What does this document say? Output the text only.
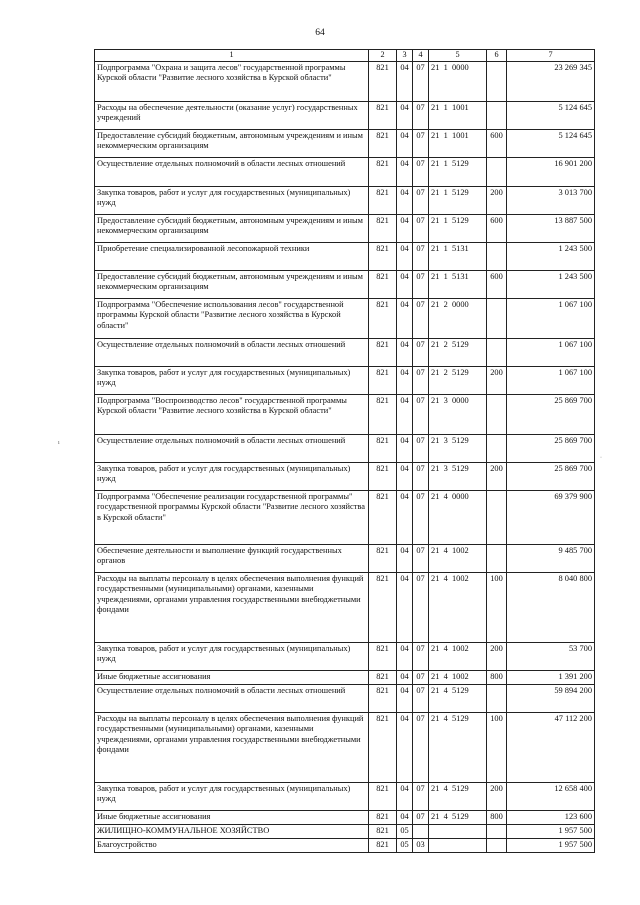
64
ı
·
1	2	3	4	5	6	7
Подпрограмма "Охрана и защита лесов" государственной программы Курской области "Развитие лесного хозяйства в Курской области"	821	04	07	21  1  0000		23 269 345
Расходы на обеспечение деятельности (оказание услуг) государственных учреждений	821	04	07	21  1  1001		5 124 645
Предоставление субсидий бюджетным, автономным учреждениям и иным некоммерческим организациям	821	04	07	21  1  1001	600	5 124 645
Осуществление отдельных полномочий в области лесных отношений	821	04	07	21  1  5129		16 901 200
Закупка товаров, работ и услуг для государственных (муниципальных) нужд	821	04	07	21  1  5129	200	3 013 700
Предоставление субсидий бюджетным, автономным учреждениям и иным некоммерческим организациям	821	04	07	21  1  5129	600	13 887 500
Приобретение специализированной лесопожарной техники	821	04	07	21  1  5131		1 243 500
Предоставление субсидий бюджетным, автономным учреждениям и иным некоммерческим организациям	821	04	07	21  1  5131	600	1 243 500
Подпрограмма "Обеспечение использования лесов" государственной программы Курской области "Развитие лесного хозяйства в Курской области"	821	04	07	21  2  0000		1 067 100
Осуществление отдельных полномочий в области лесных отношений	821	04	07	21  2  5129		1 067 100
Закупка товаров, работ и услуг для государственных (муниципальных) нужд	821	04	07	21  2  5129	200	1 067 100
Подпрограмма "Воспроизводство лесов" государственной программы Курской области "Развитие лесного хозяйства в Курской области"	821	04	07	21  3  0000		25 869 700
Осуществление отдельных полномочий в области лесных отношений	821	04	07	21  3  5129		25 869 700
Закупка товаров, работ и услуг для государственных (муниципальных) нужд	821	04	07	21  3  5129	200	25 869 700
Подпрограмма "Обеспечение реализации государственной программы" государственной программы Курской области "Развитие лесного хозяйства в Курской области"	821	04	07	21  4  0000		69 379 900
Обеспечение деятельности и выполнение функций государственных органов	821	04	07	21  4  1002		9 485 700
Расходы на выплаты персоналу в целях обеспечения выполнения функций государственными (муниципальными) органами, казенными учреждениями, органами управления государственными внебюджетными фондами	821	04	07	21  4  1002	100	8 040 800
Закупка товаров, работ и услуг для государственных (муниципальных) нужд	821	04	07	21  4  1002	200	53 700
Иные бюджетные ассигнования	821	04	07	21  4  1002	800	1 391 200
Осуществление отдельных полномочий в области лесных отношений	821	04	07	21  4  5129		59 894 200
Расходы на выплаты персоналу в целях обеспечения выполнения функций государственными (муниципальными) органами, казенными учреждениями, органами управления государственными внебюджетными фондами	821	04	07	21  4  5129	100	47 112 200
Закупка товаров, работ и услуг для государственных (муниципальных) нужд	821	04	07	21  4  5129	200	12 658 400
Иные бюджетные ассигнования	821	04	07	21  4  5129	800	123 600
ЖИЛИЩНО-КОММУНАЛЬНОЕ ХОЗЯЙСТВО	821	05				1 957 500
Благоустройство	821	05	03			1 957 500
